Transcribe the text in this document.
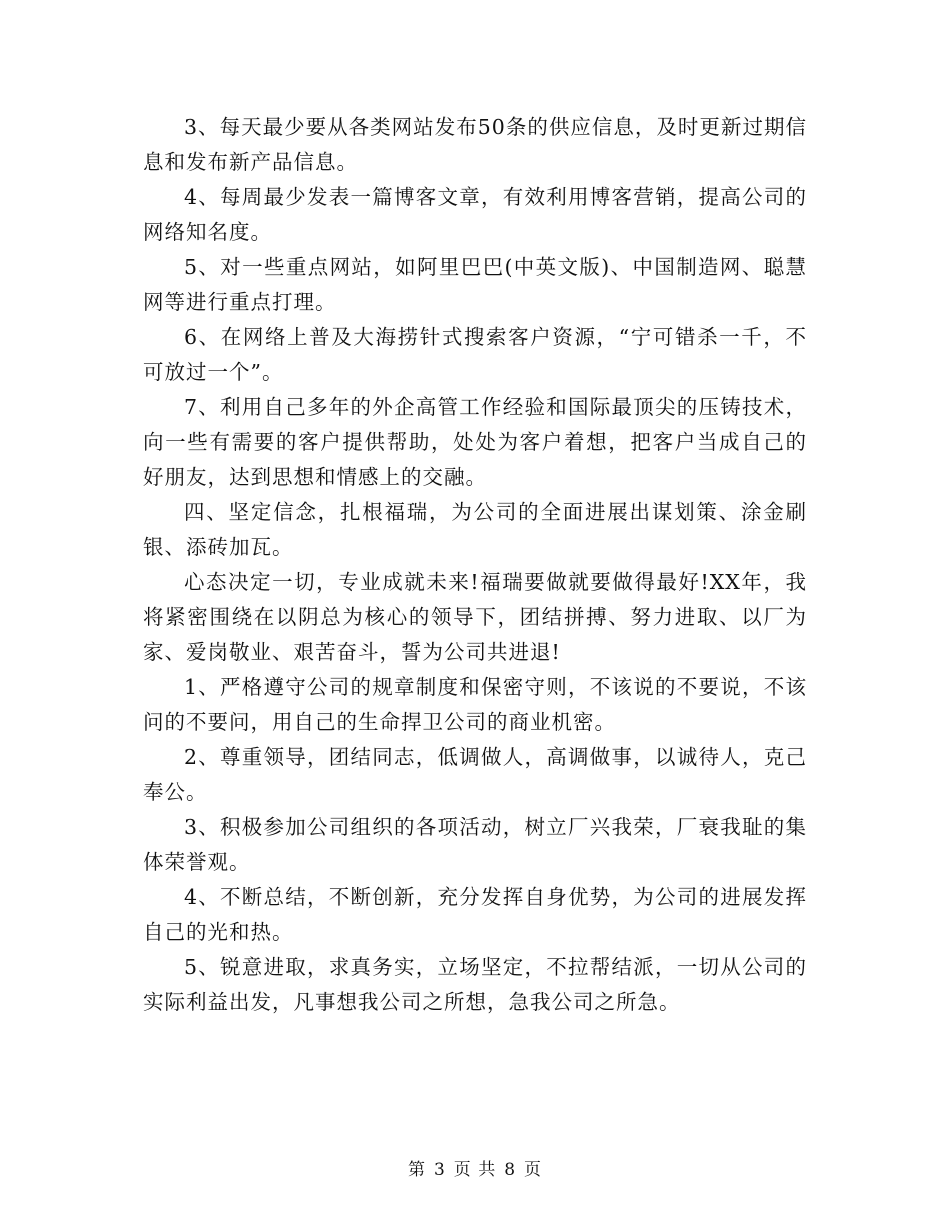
3、每天最少要从各类网站发布50条的供应信息，及时更新过期信息和发布新产品信息。

4、每周最少发表一篇博客文章，有效利用博客营销，提高公司的网络知名度。

5、对一些重点网站，如阿里巴巴(中英文版)、中国制造网、聪慧网等进行重点打理。

6、在网络上普及大海捞针式搜索客户资源，“宁可错杀一千，不可放过一个”。

7、利用自己多年的外企高管工作经验和国际最顶尖的压铸技术，向一些有需要的客户提供帮助，处处为客户着想，把客户当成自己的好朋友，达到思想和情感上的交融。

四、坚定信念，扎根福瑞，为公司的全面进展出谋划策、涂金刷银、添砖加瓦。

心态决定一切，专业成就未来!福瑞要做就要做得最好!XX年，我将紧密围绕在以阴总为核心的领导下，团结拼搏、努力进取、以厂为家、爱岗敬业、艰苦奋斗，誓为公司共进退!

1、严格遵守公司的规章制度和保密守则，不该说的不要说，不该问的不要问，用自己的生命捍卫公司的商业机密。

2、尊重领导，团结同志，低调做人，高调做事，以诚待人，克己奉公。

3、积极参加公司组织的各项活动，树立厂兴我荣，厂衰我耻的集体荣誉观。

4、不断总结，不断创新，充分发挥自身优势，为公司的进展发挥自己的光和热。

5、锐意进取，求真务实，立场坚定，不拉帮结派，一切从公司的实际利益出发，凡事想我公司之所想，急我公司之所急。

第 3 页 共 8 页
